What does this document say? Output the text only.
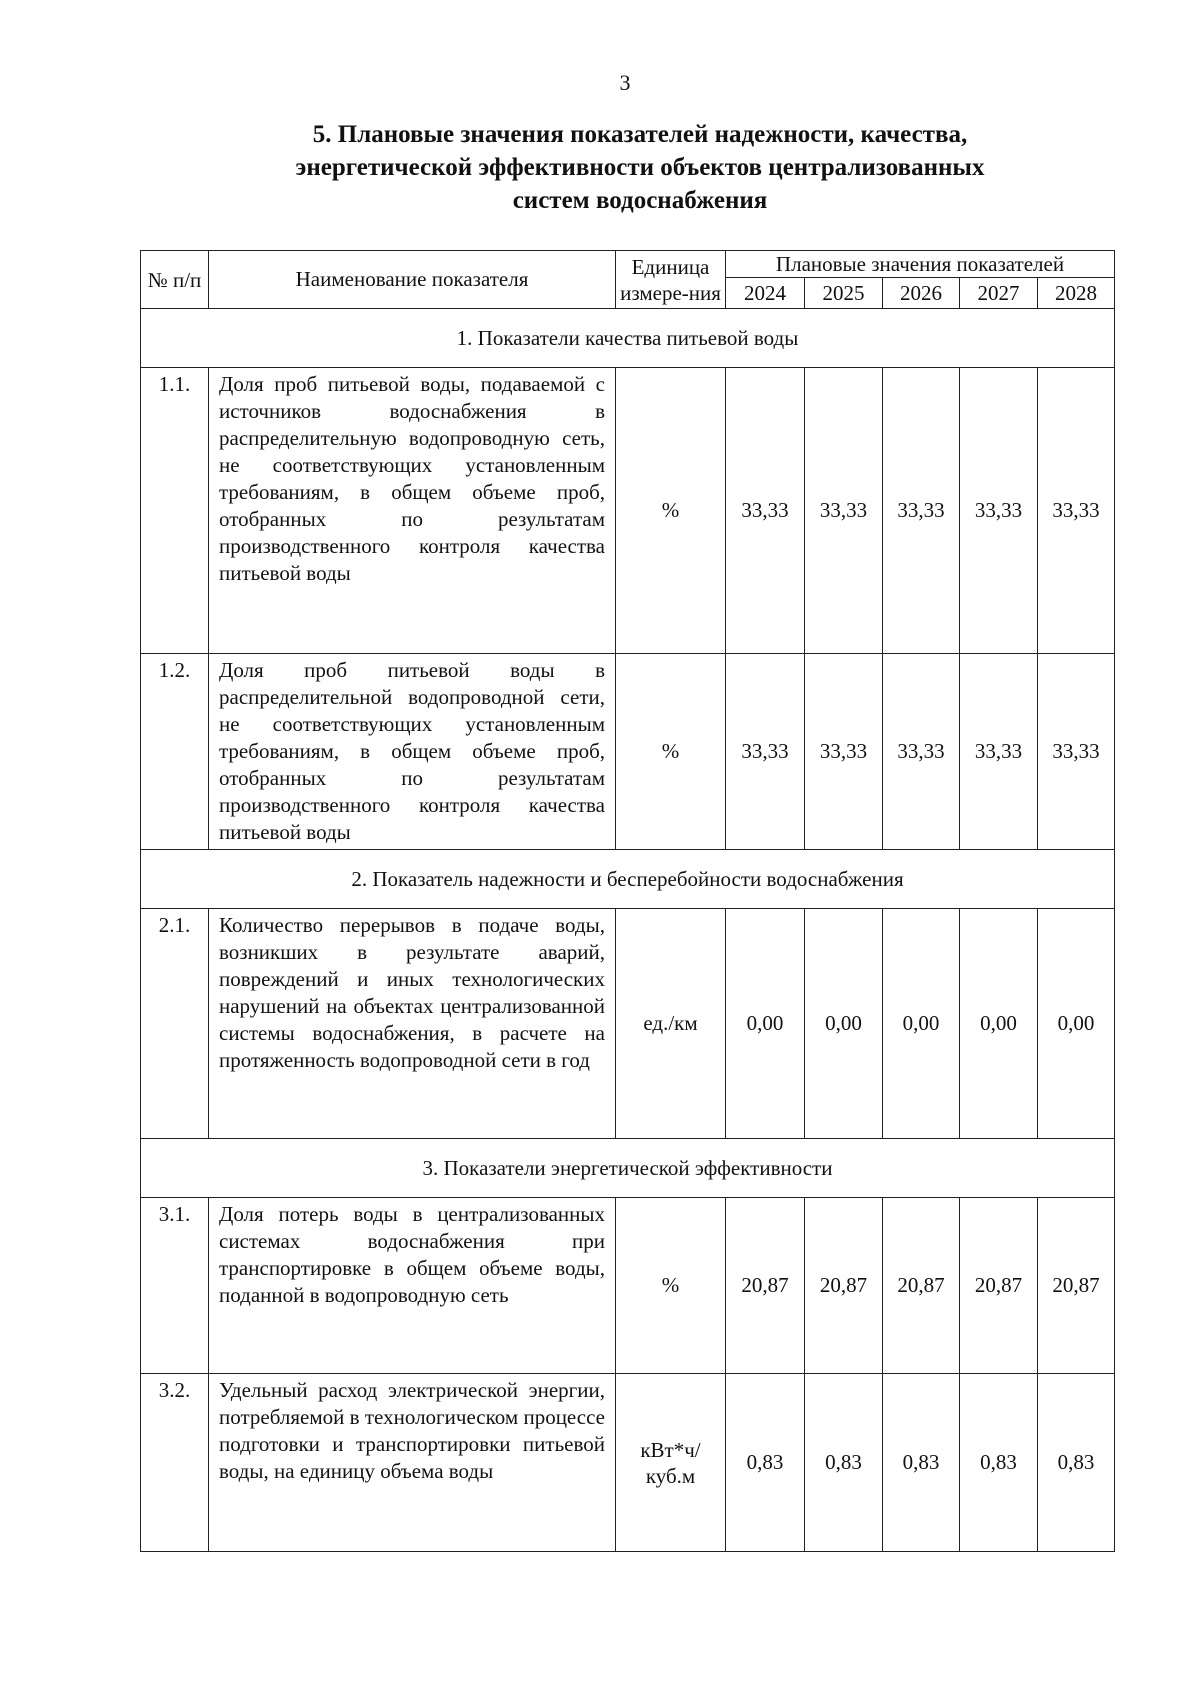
3
5. Плановые значения показателей надежности, качества,
энергетической эффективности объектов централизованных
систем водоснабжения
№ п/п	Наименование показателя	Единица измере-ния	Плановые значения показателей				
			2024	2025	2026	2027	2028
1. Показатели качества питьевой воды							
1.1.	Доля проб питьевой воды, подаваемой с источников водоснабжения в распределительную водопроводную сеть, не соответствующих установленным требованиям, в общем объеме проб, отобранных по результатам производственного контроля качества питьевой воды	%	33,33	33,33	33,33	33,33	33,33
1.2.	Доля проб питьевой воды в распределительной водопроводной сети, не соответствующих установленным требованиям, в общем объеме проб, отобранных по результатам производственного контроля качества питьевой воды	%	33,33	33,33	33,33	33,33	33,33
2. Показатель надежности и бесперебойности водоснабжения							
2.1.	Количество перерывов в подаче воды, возникших в результате аварий, повреждений и иных технологических нарушений на объектах централизованной системы водоснабжения, в расчете на протяженность водопроводной сети в год	ед./км	0,00	0,00	0,00	0,00	0,00
3. Показатели энергетической эффективности							
3.1.	Доля потерь воды в централизованных системах водоснабжения при транспортировке в общем объеме воды, поданной в водопроводную сеть	%	20,87	20,87	20,87	20,87	20,87
3.2.	Удельный расход электрической энергии, потребляемой в технологическом процессе подготовки и транспортировки питьевой воды, на единицу объема воды	кВт*ч/ куб.м	0,83	0,83	0,83	0,83	0,83
